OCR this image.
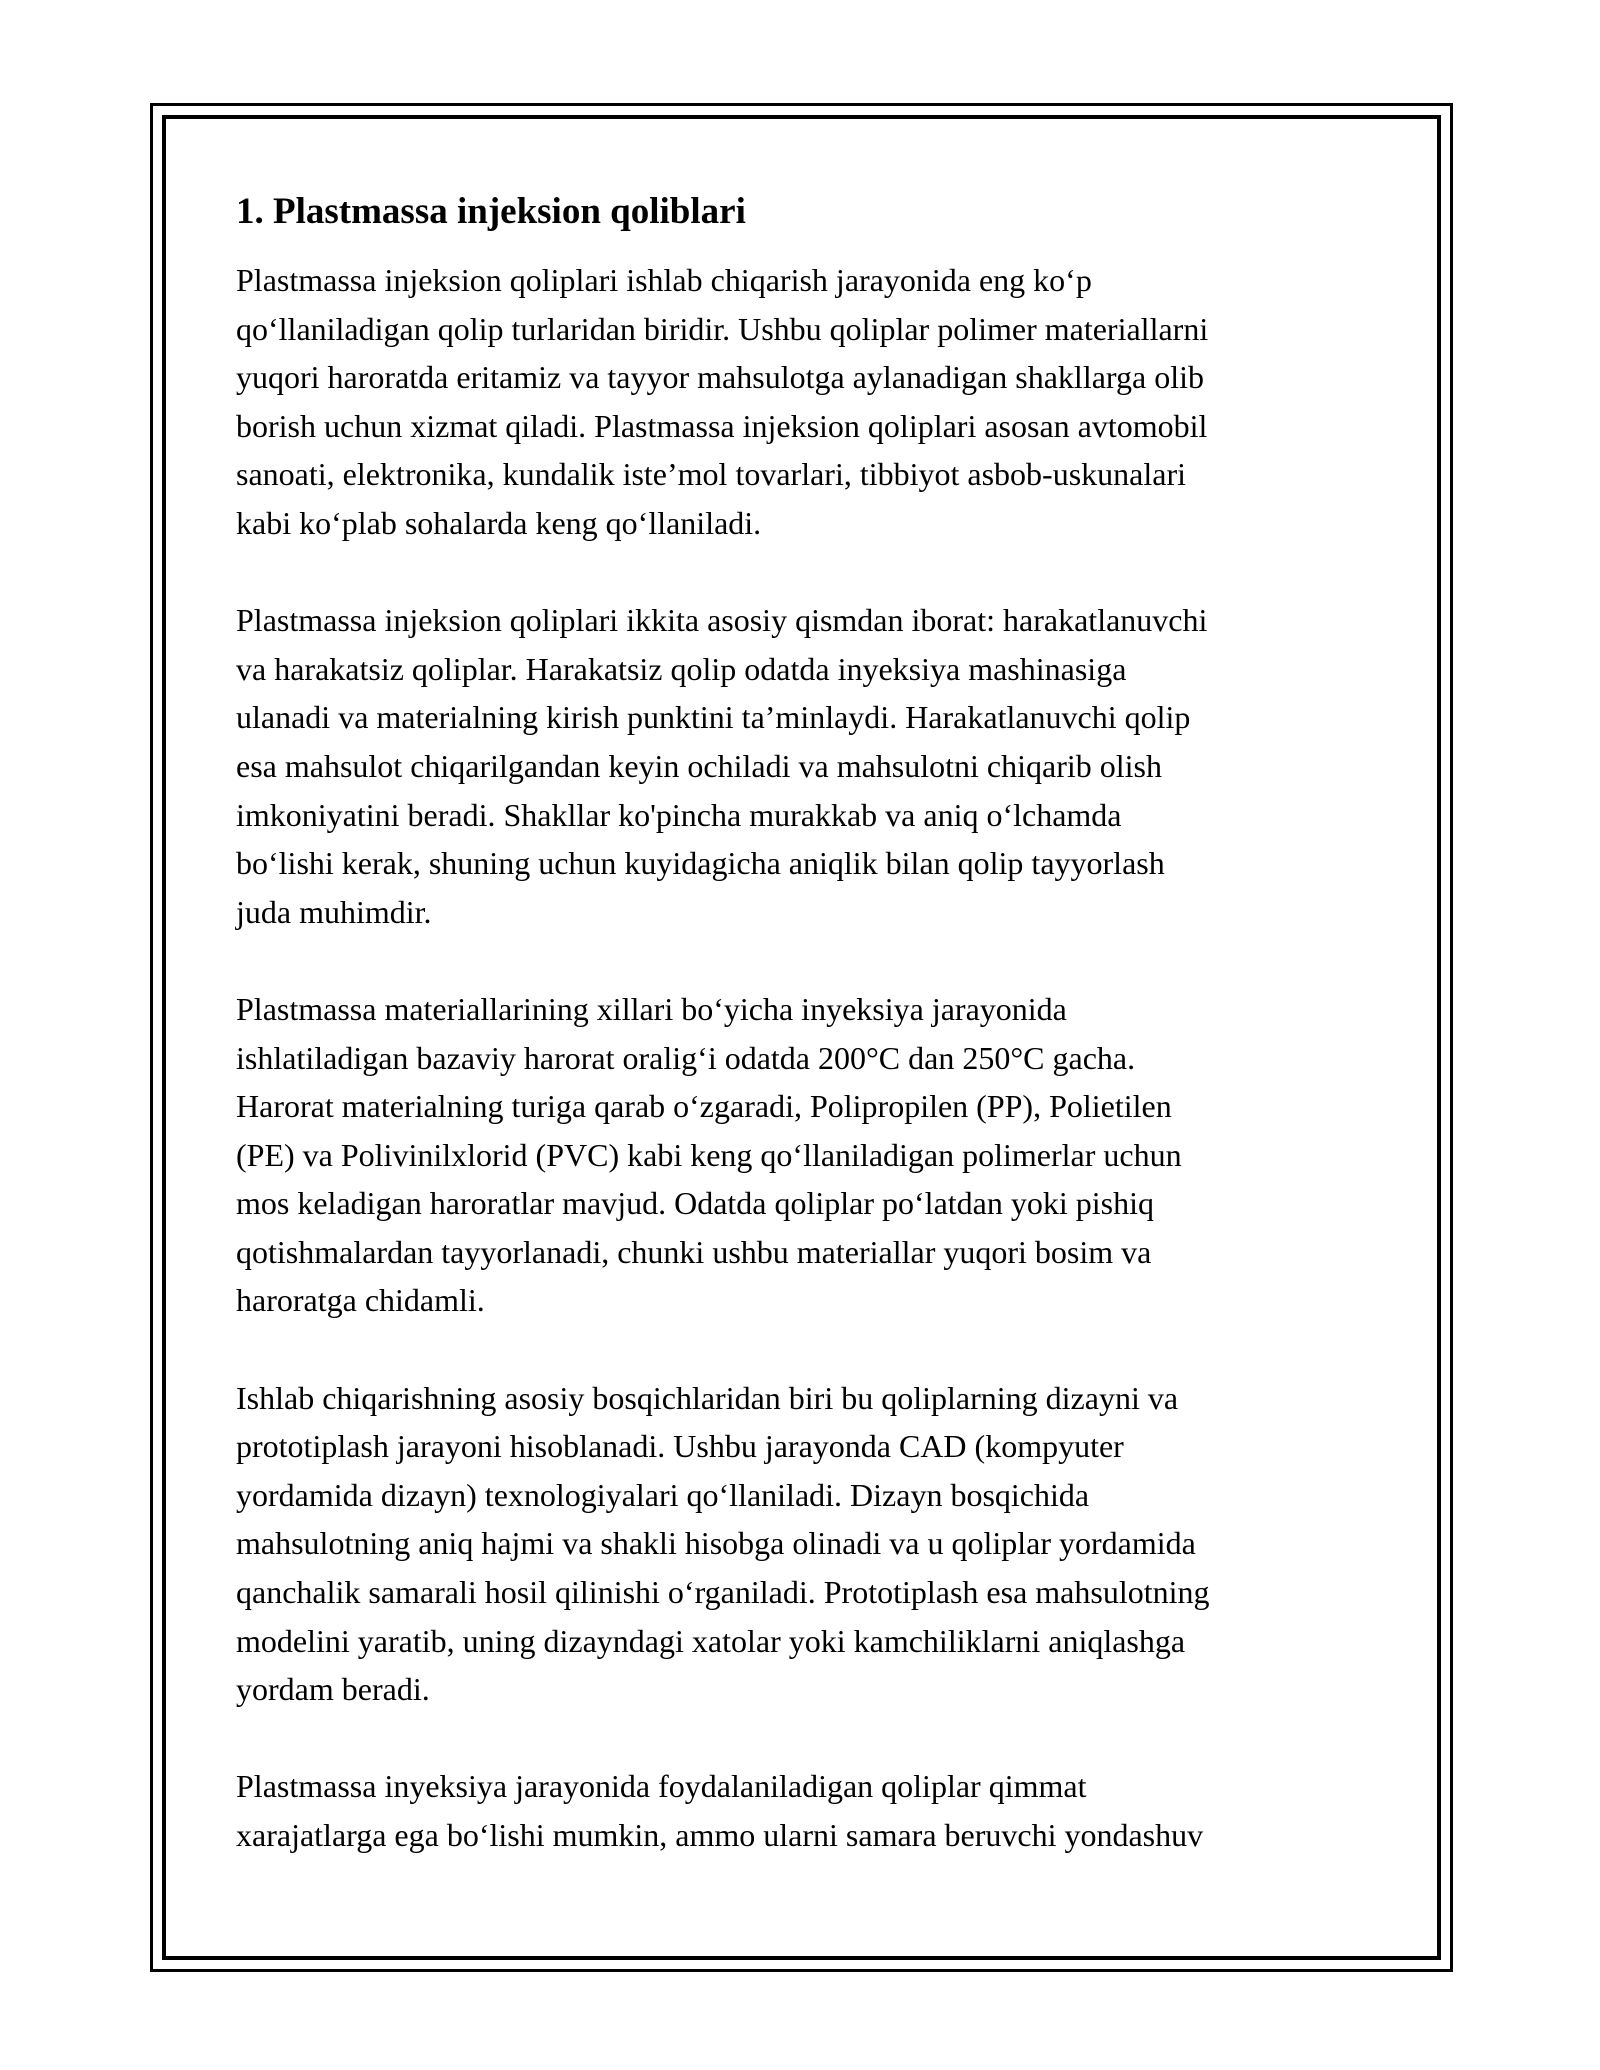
1. Plastmassa injeksion qoliblari

Plastmassa injeksion qoliplari ishlab chiqarish jarayonida eng ko‘p
qo‘llaniladigan qolip turlaridan biridir. Ushbu qoliplar polimer materiallarni
yuqori haroratda eritamiz va tayyor mahsulotga aylanadigan shakllarga olib
borish uchun xizmat qiladi. Plastmassa injeksion qoliplari asosan avtomobil
sanoati, elektronika, kundalik iste’mol tovarlari, tibbiyot asbob-uskunalari
kabi ko‘plab sohalarda keng qo‘llaniladi.

Plastmassa injeksion qoliplari ikkita asosiy qismdan iborat: harakatlanuvchi
va harakatsiz qoliplar. Harakatsiz qolip odatda inyeksiya mashinasiga
ulanadi va materialning kirish punktini ta’minlaydi. Harakatlanuvchi qolip
esa mahsulot chiqarilgandan keyin ochiladi va mahsulotni chiqarib olish
imkoniyatini beradi. Shakllar ko'pincha murakkab va aniq o‘lchamda
bo‘lishi kerak, shuning uchun kuyidagicha aniqlik bilan qolip tayyorlash
juda muhimdir.

Plastmassa materiallarining xillari bo‘yicha inyeksiya jarayonida
ishlatiladigan bazaviy harorat oralig‘i odatda 200°C dan 250°C gacha.
Harorat materialning turiga qarab o‘zgaradi, Polipropilen (PP), Polietilen
(PE) va Polivinilxlorid (PVC) kabi keng qo‘llaniladigan polimerlar uchun
mos keladigan haroratlar mavjud. Odatda qoliplar po‘latdan yoki pishiq
qotishmalardan tayyorlanadi, chunki ushbu materiallar yuqori bosim va
haroratga chidamli.

Ishlab chiqarishning asosiy bosqichlaridan biri bu qoliplarning dizayni va
prototiplash jarayoni hisoblanadi. Ushbu jarayonda CAD (kompyuter
yordamida dizayn) texnologiyalari qo‘llaniladi. Dizayn bosqichida
mahsulotning aniq hajmi va shakli hisobga olinadi va u qoliplar yordamida
qanchalik samarali hosil qilinishi o‘rganiladi. Prototiplash esa mahsulotning
modelini yaratib, uning dizayndagi xatolar yoki kamchiliklarni aniqlashga
yordam beradi.

Plastmassa inyeksiya jarayonida foydalaniladigan qoliplar qimmat
xarajatlarga ega bo‘lishi mumkin, ammo ularni samara beruvchi yondashuv
